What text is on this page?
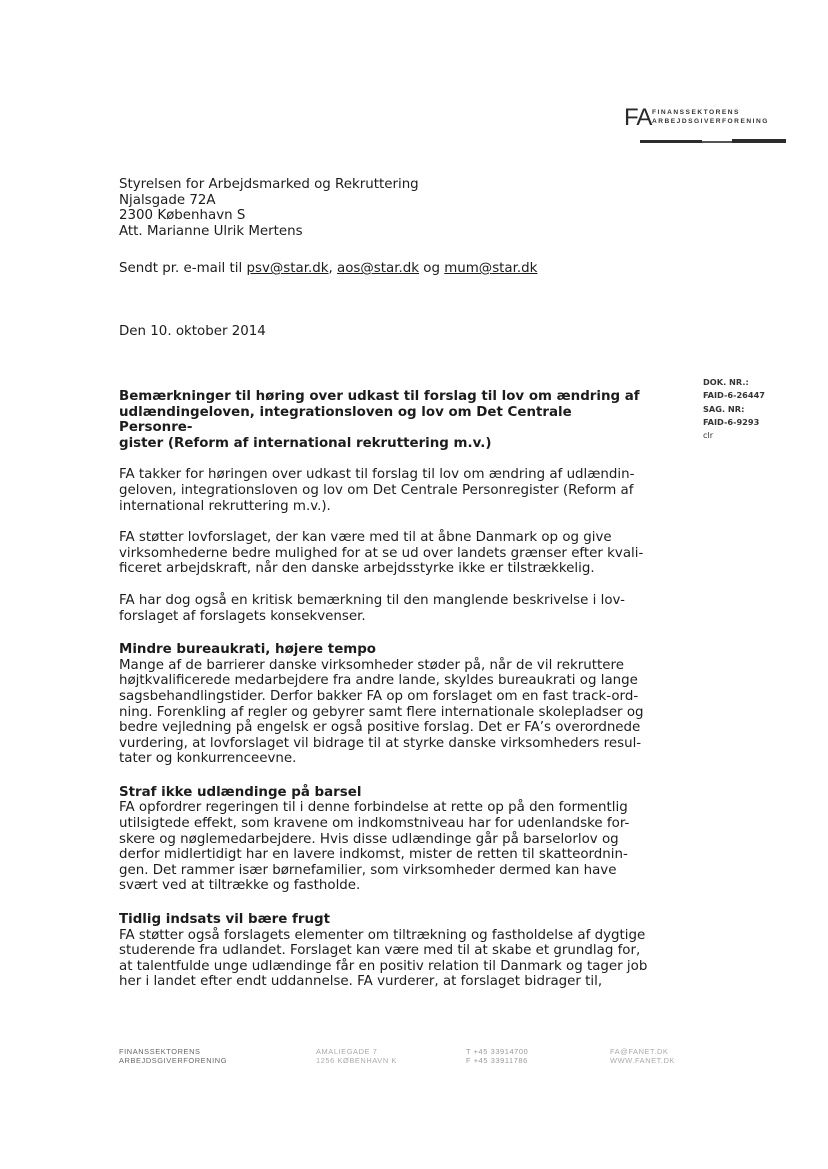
FA FINANSSEKTORENS
ARBEJDSGIVERFORENING
Styrelsen for Arbejdsmarked og Rekruttering
Njalsgade 72A
2300 København S
Att. Marianne Ulrik Mertens
Sendt pr. e-mail til psv@star.dk, aos@star.dk og mum@star.dk
Den 10. oktober 2014
DOK. NR.:
FAID-6-26447
SAG. NR:
FAID-6-9293
clr
Bemærkninger til høring over udkast til forslag til lov om ændring af
udlændingeloven, integrationsloven og lov om Det Centrale Personre-
gister (Reform af international rekruttering m.v.)
FA takker for høringen over udkast til forslag til lov om ændring af udlændin-
geloven, integrationsloven og lov om Det Centrale Personregister (Reform af
international rekruttering m.v.).
FA støtter lovforslaget, der kan være med til at åbne Danmark op og give
virksomhederne bedre mulighed for at se ud over landets grænser efter kvali-
ficeret arbejdskraft, når den danske arbejdsstyrke ikke er tilstrækkelig.
FA har dog også en kritisk bemærkning til den manglende beskrivelse i lov-
forslaget af forslagets konsekvenser.
Mindre bureaukrati, højere tempo
Mange af de barrierer danske virksomheder støder på, når de vil rekruttere
højtkvalificerede medarbejdere fra andre lande, skyldes bureaukrati og lange
sagsbehandlingstider. Derfor bakker FA op om forslaget om en fast track-ord-
ning. Forenkling af regler og gebyrer samt flere internationale skolepladser og
bedre vejledning på engelsk er også positive forslag. Det er FA’s overordnede
vurdering, at lovforslaget vil bidrage til at styrke danske virksomheders resul-
tater og konkurrenceevne.
Straf ikke udlændinge på barsel
FA opfordrer regeringen til i denne forbindelse at rette op på den formentlig
utilsigtede effekt, som kravene om indkomstniveau har for udenlandske for-
skere og nøglemedarbejdere. Hvis disse udlændinge går på barselorlov og
derfor midlertidigt har en lavere indkomst, mister de retten til skatteordnin-
gen. Det rammer især børnefamilier, som virksomheder dermed kan have
svært ved at tiltrække og fastholde.
Tidlig indsats vil bære frugt
FA støtter også forslagets elementer om tiltrækning og fastholdelse af dygtige
studerende fra udlandet. Forslaget kan være med til at skabe et grundlag for,
at talentfulde unge udlændinge får en positiv relation til Danmark og tager job
her i landet efter endt uddannelse. FA vurderer, at forslaget bidrager til,
FINANSSEKTORENS
ARBEJDSGIVERFORENING
AMALIEGADE 7
1256 KØBENHAVN K
T +45 33914700
F +45 33911786
FA@FANET.DK
WWW.FANET.DK
